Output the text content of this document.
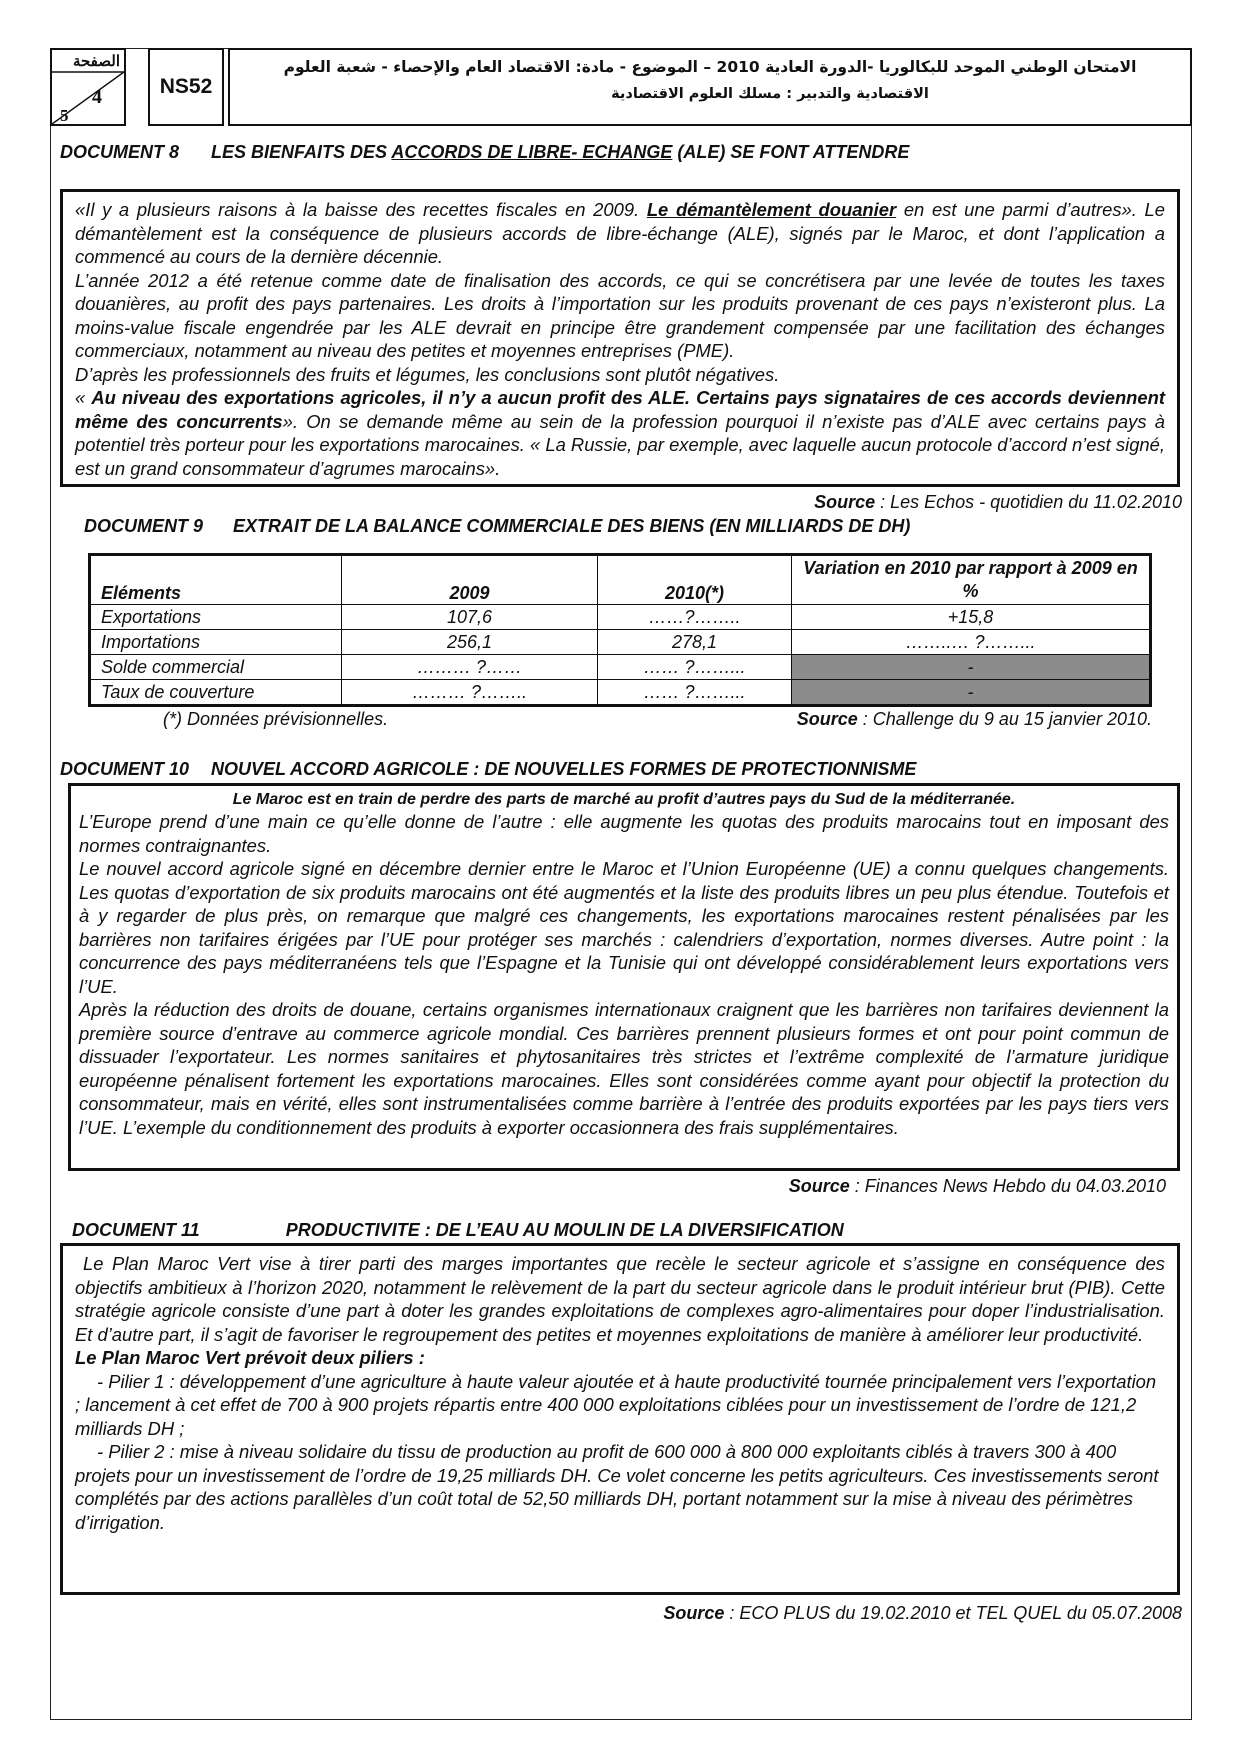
الصفحة
4
5
NS52
الامتحان الوطني الموحد للبكالوريا -الدورة العادية 2010 – الموضوع - مادة: الاقتصاد العام والإحصاء - شعبة العلوم
الاقتصادية والتدبير : مسلك العلوم الاقتصادية
DOCUMENT 8 LES BIENFAITS DES ACCORDS DE LIBRE- ECHANGE (ALE) SE FONT ATTENDRE

«Il y a plusieurs raisons à la baisse des recettes fiscales en 2009. Le démantèlement douanier en est une parmi d’autres». Le démantèlement est la conséquence de plusieurs accords de libre-échange (ALE), signés par le Maroc, et dont l’application a commencé au cours de la dernière décennie.

L’année 2012 a été retenue comme date de finalisation des accords, ce qui se concrétisera par une levée de toutes les taxes douanières, au profit des pays partenaires. Les droits à l’importation sur les produits provenant de ces pays n’existeront plus. La moins-value fiscale engendrée par les ALE devrait en principe être grandement compensée par une facilitation des échanges commerciaux, notamment au niveau des petites et moyennes entreprises (PME).

D’après les professionnels des fruits et légumes, les conclusions sont plutôt négatives.

« Au niveau des exportations agricoles, il n’y a aucun profit des ALE. Certains pays signataires de ces accords deviennent même des concurrents». On se demande même au sein de la profession pourquoi il n’existe pas d’ALE avec certains pays à potentiel très porteur pour les exportations marocaines. « La Russie, par exemple, avec laquelle aucun protocole d’accord n’est signé, est un grand consommateur d’agrumes marocains».

Source : Les Echos - quotidien du 11.02.2010
DOCUMENT 9 EXTRAIT DE LA BALANCE COMMERCIALE DES BIENS (EN MILLIARDS DE DH)
Eléments	2009	2010(*)	Variation en 2010 par rapport à 2009 en %
Exportations	107,6	……?……..	+15,8
Importations	256,1	278,1	……..… ?……...
Solde commercial	……… ?……	…… ?……...	-
Taux de couverture	……… ?……..	…… ?……...	-
(*) Données prévisionnelles.	Source : Challenge du 9 au 15 janvier 2010.
DOCUMENT 10 NOUVEL ACCORD AGRICOLE : DE NOUVELLES FORMES DE PROTECTIONNISME

Le Maroc est en train de perdre des parts de marché au profit d’autres pays du Sud de la méditerranée.

L’Europe prend d’une main ce qu’elle donne de l’autre : elle augmente les quotas des produits marocains tout en imposant des normes contraignantes.

Le nouvel accord agricole signé en décembre dernier entre le Maroc et l’Union Européenne (UE) a connu quelques changements. Les quotas d’exportation de six produits marocains ont été augmentés et la liste des produits libres un peu plus étendue. Toutefois et à y regarder de plus près, on remarque que malgré ces changements, les exportations marocaines restent pénalisées par les barrières non tarifaires érigées par l’UE pour protéger ses marchés : calendriers d’exportation, normes diverses. Autre point : la concurrence des pays méditerranéens tels que l’Espagne et la Tunisie qui ont développé considérablement leurs exportations vers l’UE.

Après la réduction des droits de douane, certains organismes internationaux craignent que les barrières non tarifaires deviennent la première source d’entrave au commerce agricole mondial. Ces barrières prennent plusieurs formes et ont pour point commun de dissuader l’exportateur. Les normes sanitaires et phytosanitaires très strictes et l’extrême complexité de l’armature juridique européenne pénalisent fortement les exportations marocaines. Elles sont considérées comme ayant pour objectif la protection du consommateur, mais en vérité, elles sont instrumentalisées comme barrière à l’entrée des produits exportées par les pays tiers vers l’UE. L’exemple du conditionnement des produits à exporter occasionnera des frais supplémentaires.

Source : Finances News Hebdo du 04.03.2010
DOCUMENT 11	PRODUCTIVITE : DE L’EAU AU MOULIN DE LA DIVERSIFICATION

Le Plan Maroc Vert vise à tirer parti des marges importantes que recèle le secteur agricole et s’assigne en conséquence des objectifs ambitieux à l’horizon 2020, notamment le relèvement de la part du secteur agricole dans le produit intérieur brut (PIB). Cette stratégie agricole consiste d’une part à doter les grandes exploitations de complexes agro-alimentaires pour doper l’industrialisation. Et d’autre part, il s’agit de favoriser le regroupement des petites et moyennes exploitations de manière à améliorer leur productivité.

Le Plan Maroc Vert prévoit deux piliers :

- Pilier 1 : développement d’une agriculture à haute valeur ajoutée et à haute productivité tournée principalement vers l’exportation ; lancement à cet effet de 700 à 900 projets répartis entre 400 000 exploitations ciblées pour un investissement de l’ordre de 121,2 milliards DH ;

- Pilier 2 : mise à niveau solidaire du tissu de production au profit de 600 000 à 800 000 exploitants ciblés à travers 300 à 400 projets pour un investissement de l’ordre de 19,25 milliards DH. Ce volet concerne les petits agriculteurs. Ces investissements seront complétés par des actions parallèles d’un coût total de 52,50 milliards DH, portant notamment sur la mise à niveau des périmètres d’irrigation.

Source : ECO PLUS du 19.02.2010 et TEL QUEL du 05.07.2008
